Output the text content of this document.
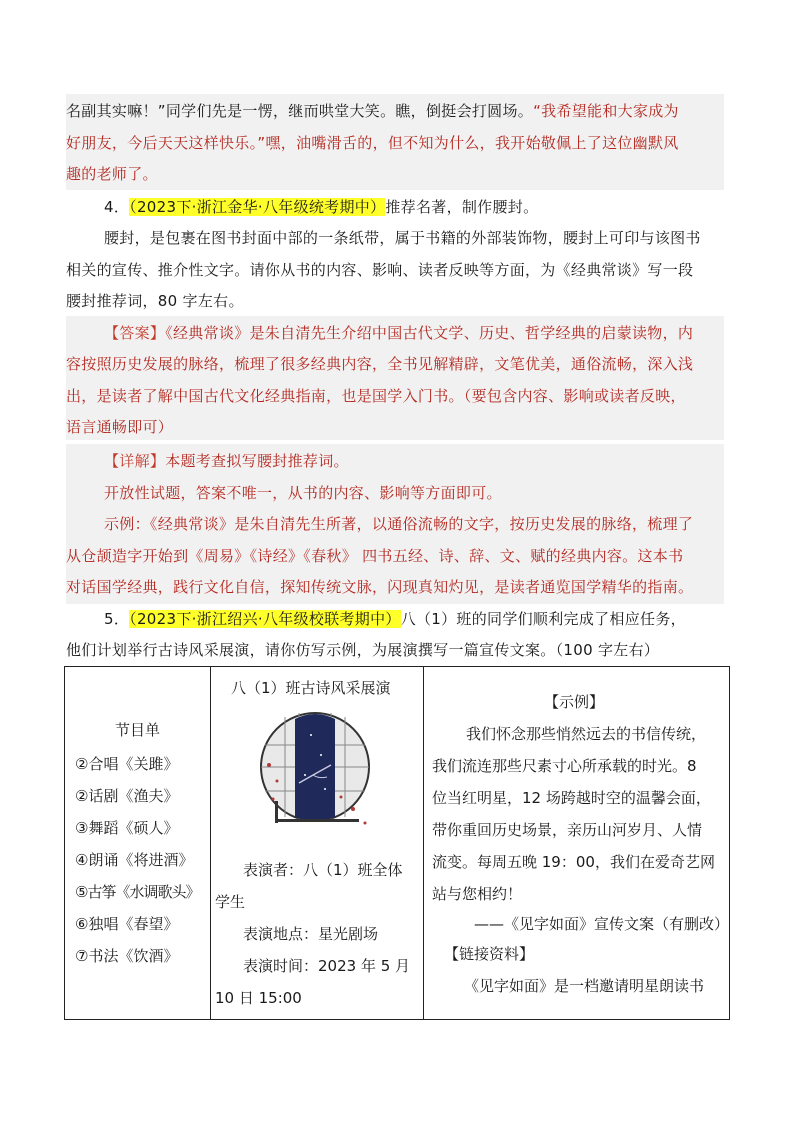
名副其实嘛！”同学们先是一愣，继而哄堂大笑。瞧，倒挺会打圆场。“我希望能和大家成为
好朋友，今后天天这样快乐。”嘿，油嘴滑舌的，但不知为什么，我开始敬佩上了这位幽默风
趣的老师了。
4．（2023下·浙江金华·八年级统考期中）推荐名著，制作腰封。
腰封，是包裹在图书封面中部的一条纸带，属于书籍的外部装饰物，腰封上可印与该图书
相关的宣传、推介性文字。请你从书的内容、影响、读者反映等方面，为《经典常谈》写一段
腰封推荐词，80 字左右。
【答案】《经典常谈》是朱自清先生介绍中国古代文学、历史、哲学经典的启蒙读物，内
容按照历史发展的脉络，梳理了很多经典内容，全书见解精辟，文笔优美，通俗流畅，深入浅
出，是读者了解中国古代文化经典指南，也是国学入门书。（要包含内容、影响或读者反映，
语言通畅即可）
【详解】本题考查拟写腰封推荐词。
开放性试题，答案不唯一，从书的内容、影响等方面即可。
示例：《经典常谈》是朱自清先生所著，以通俗流畅的文字，按历史发展的脉络，梳理了
从仓颉造字开始到《周易》《诗经》《春秋》 四书五经、诗、辞、文、赋的经典内容。这本书
对话国学经典，践行文化自信，探知传统文脉，闪现真知灼见，是读者通览国学精华的指南。
5．（2023下·浙江绍兴·八年级校联考期中）八（1）班的同学们顺利完成了相应任务，
他们计划举行古诗风采展演，请你仿写示例，为展演撰写一篇宣传文案。（100 字左右）
节目单
②合唱《关雎》
②话剧《渔夫》
③舞蹈《硕人》
④朗诵《将进酒》
⑤古筝《水调歌头》
⑥独唱《春望》
⑦书法《饮酒》

八（1）班古诗风采展演
表演者：八（1）班全体
学生
表演地点：星光剧场
表演时间：2023 年 5 月
10 日 15:00

【示例】
我们怀念那些悄然远去的书信传统，
我们流连那些尺素寸心所承载的时光。8
位当红明星，12 场跨越时空的温馨会面，
带你重回历史场景，亲历山河岁月、人情
流变。每周五晚 19：00，我们在爱奇艺网
站与您相约！
——《见字如面》宣传文案（有删改）
【链接资料】
《见字如面》是一档邀请明星朗读书
